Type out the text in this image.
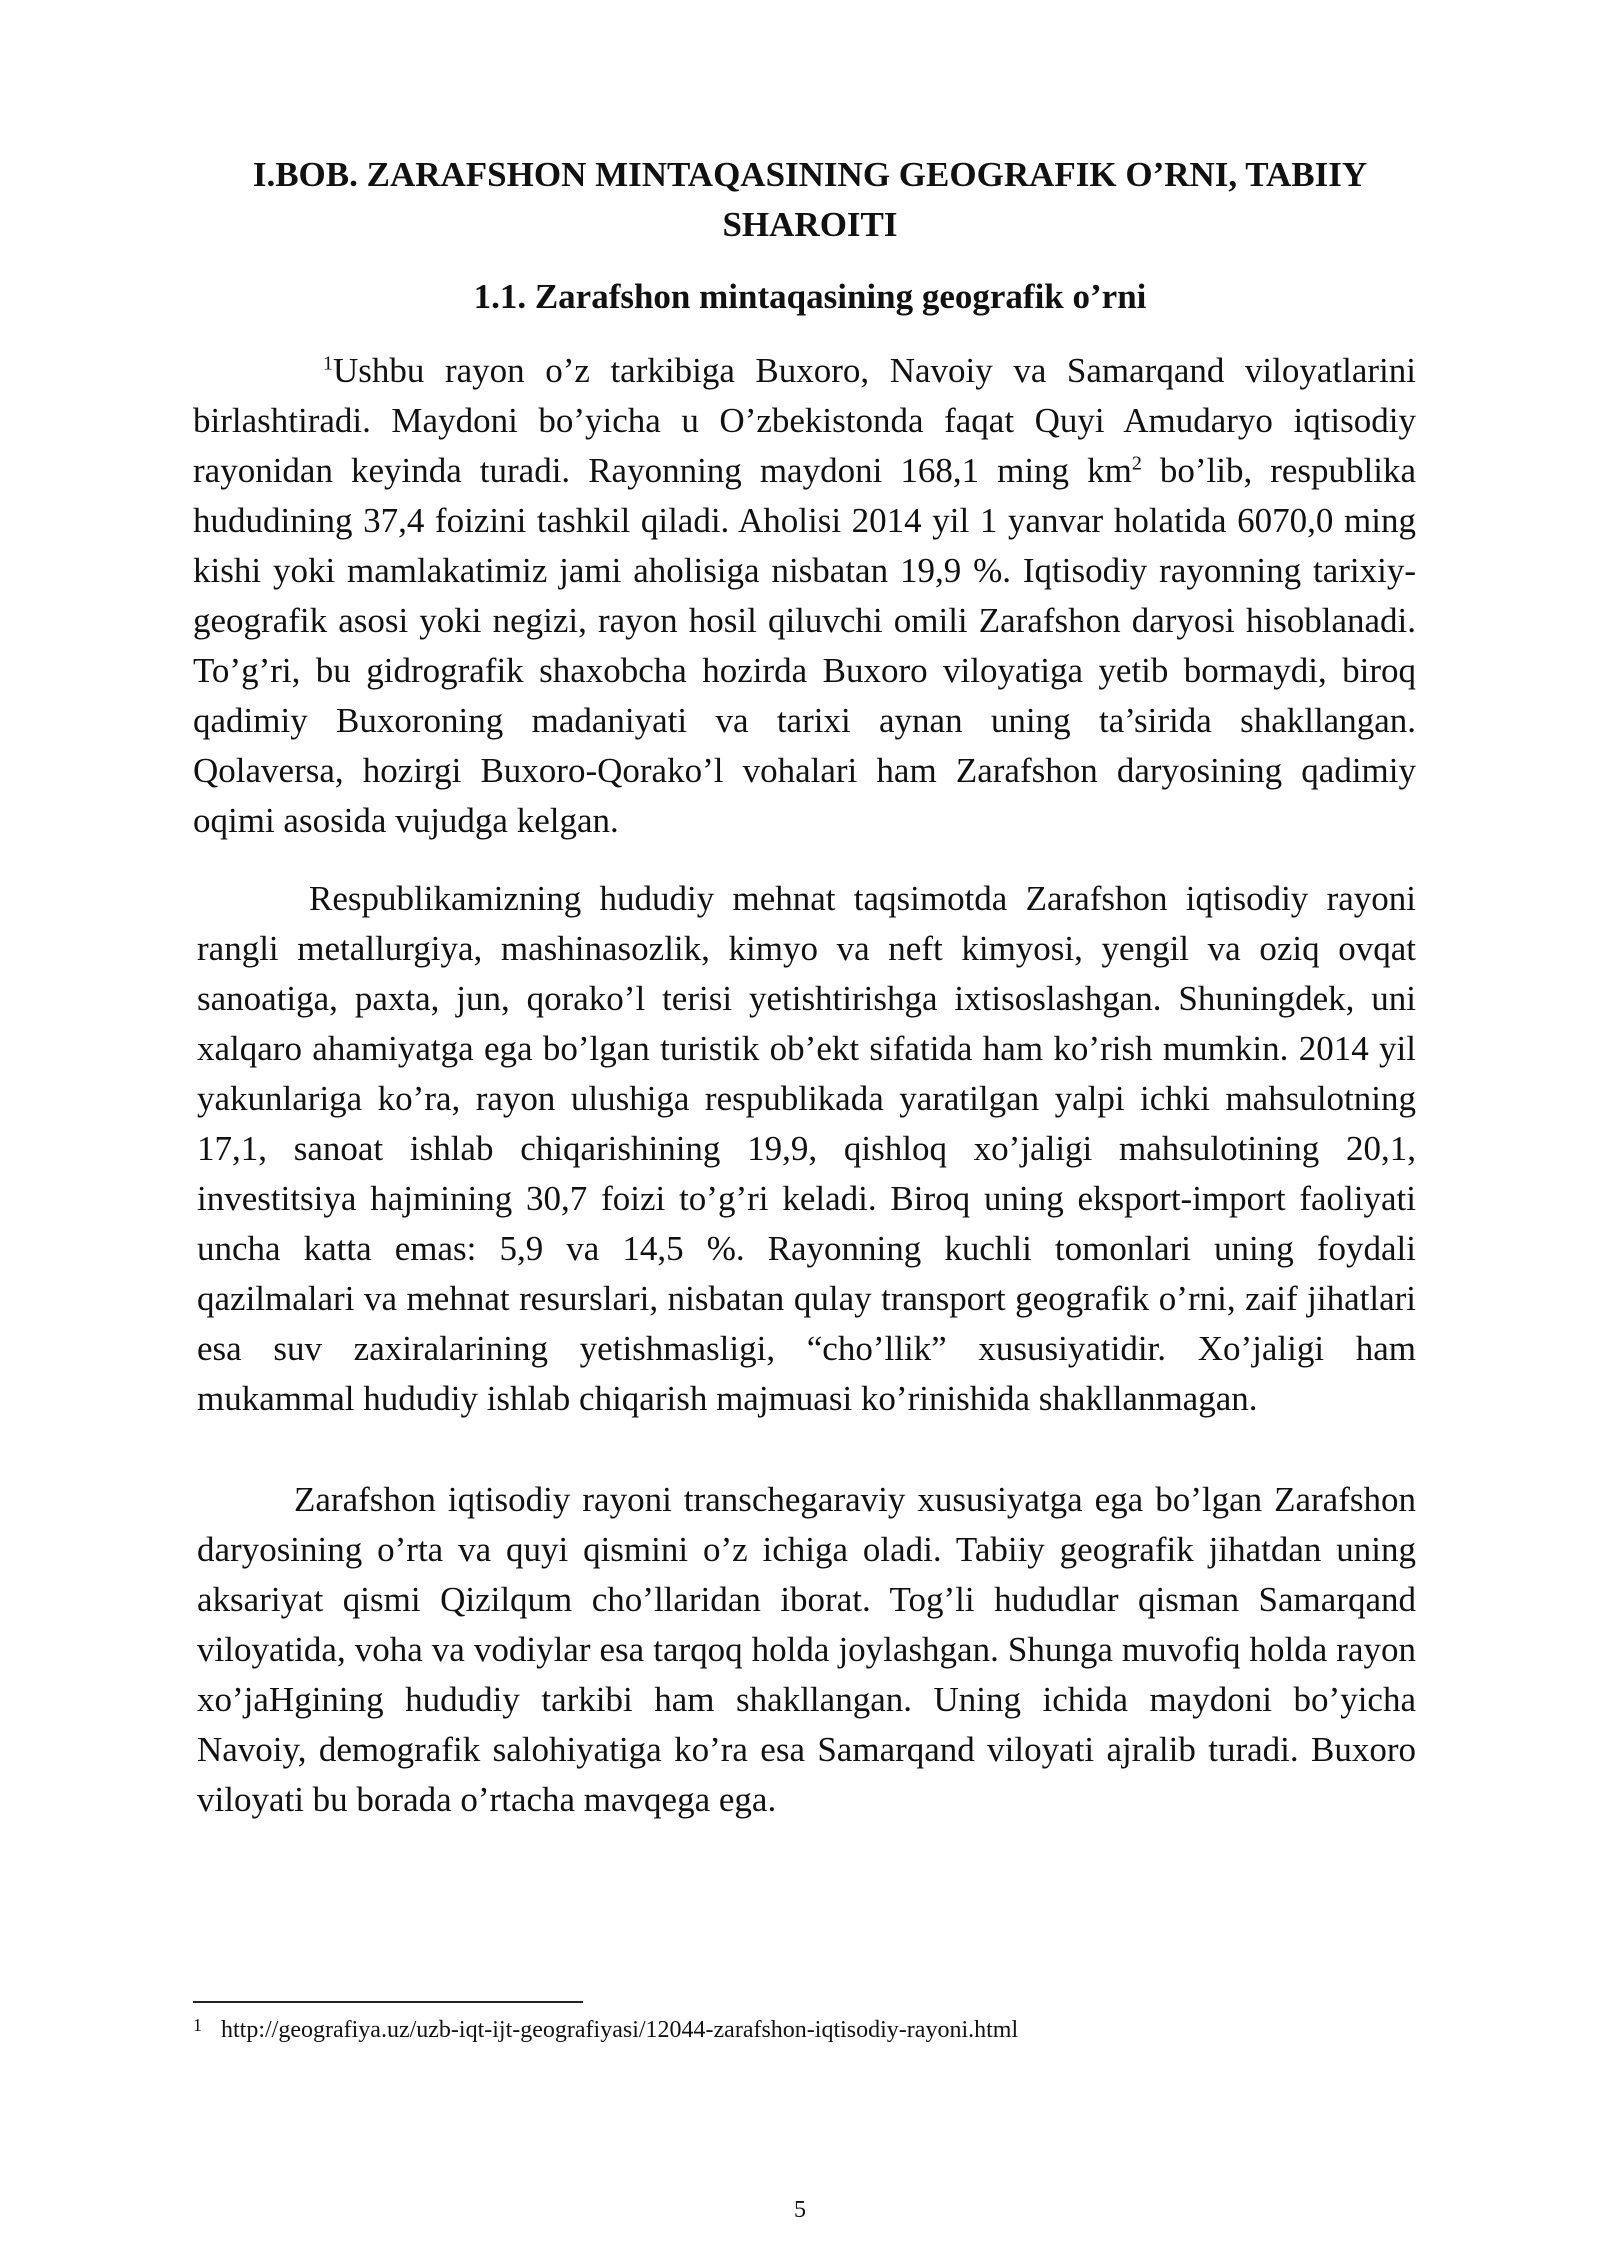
I.BOB. ZARAFSHON MINTAQASINING GEOGRAFIK O’RNI, TABIIY SHAROITI
1.1. Zarafshon mintaqasining geografik o’rni

$^1$Ushbu rayon o’z tarkibiga Buxoro, Navoiy va Samarqand viloyatlarini birlashtiradi. Maydoni bo’yicha u O’zbekistonda faqat Quyi Amudaryo iqtisodiy rayonidan keyinda turadi. Rayonning maydoni 168,1 ming $km^2$ bo’lib, respublika hududining 37,4 foizini tashkil qiladi. Aholisi 2014 yil 1 yanvar holatida 6070,0 ming kishi yoki mamlakatimiz jami aholisiga nisbatan 19,9 %. Iqtisodiy rayonning tarixiy-geografik asosi yoki negizi, rayon hosil qiluvchi omili Zarafshon daryosi hisoblanadi. To’g’ri, bu gidrografik shaxobcha hozirda Buxoro viloyatiga yetib bormaydi, biroq qadimiy Buxoroning madaniyati va tarixi aynan uning ta’sirida shakllangan. Qolaversa, hozirgi Buxoro-Qorako’l vohalari ham Zarafshon daryosining qadimiy oqimi asosida vujudga kelgan.

Respublikamizning hududiy mehnat taqsimotda Zarafshon iqtisodiy rayoni rangli metallurgiya, mashinasozlik, kimyo va neft kimyosi, yengil va oziq ovqat sanoatiga, paxta, jun, qorako’l terisi yetishtirishga ixtisoslashgan. Shuningdek, uni xalqaro ahamiyatga ega bo’lgan turistik ob’ekt sifatida ham ko’rish mumkin. 2014 yil yakunlariga ko’ra, rayon ulushiga respublikada yaratilgan yalpi ichki mahsulotning 17,1, sanoat ishlab chiqarishining 19,9, qishloq xo’jaligi mahsulotining 20,1, investitsiya hajmining 30,7 foizi to’g’ri keladi. Biroq uning eksport-import faoliyati uncha katta emas: 5,9 va 14,5 %. Rayonning kuchli tomonlari uning foydali qazilmalari va mehnat resurslari, nisbatan qulay transport geografik o’rni, zaif jihatlari esa suv zaxiralarining yetishmasligi, “cho’llik” xususiyatidir. Xo’jaligi ham mukammal hududiy ishlab chiqarish majmuasi ko’rinishida shakllanmagan.

Zarafshon iqtisodiy rayoni transchegaraviy xususiyatga ega bo’lgan Zarafshon daryosining o’rta va quyi qismini o’z ichiga oladi. Tabiiy geografik jihatdan uning aksariyat qismi Qizilqum cho’llaridan iborat. Tog’li hududlar qisman Samarqand viloyatida, voha va vodiylar esa tarqoq holda joylashgan. Shunga muvofiq holda rayon xo’jaHgining hududiy tarkibi ham shakllangan. Uning ichida maydoni bo’yicha Navoiy, demografik salohiyatiga ko’ra esa Samarqand viloyati ajralib turadi. Buxoro viloyati bu borada o’rtacha mavqega ega.

1 http://geografiya.uz/uzb-iqt-ijt-geografiyasi/12044-zarafshon-iqtisodiy-rayoni.html

5
